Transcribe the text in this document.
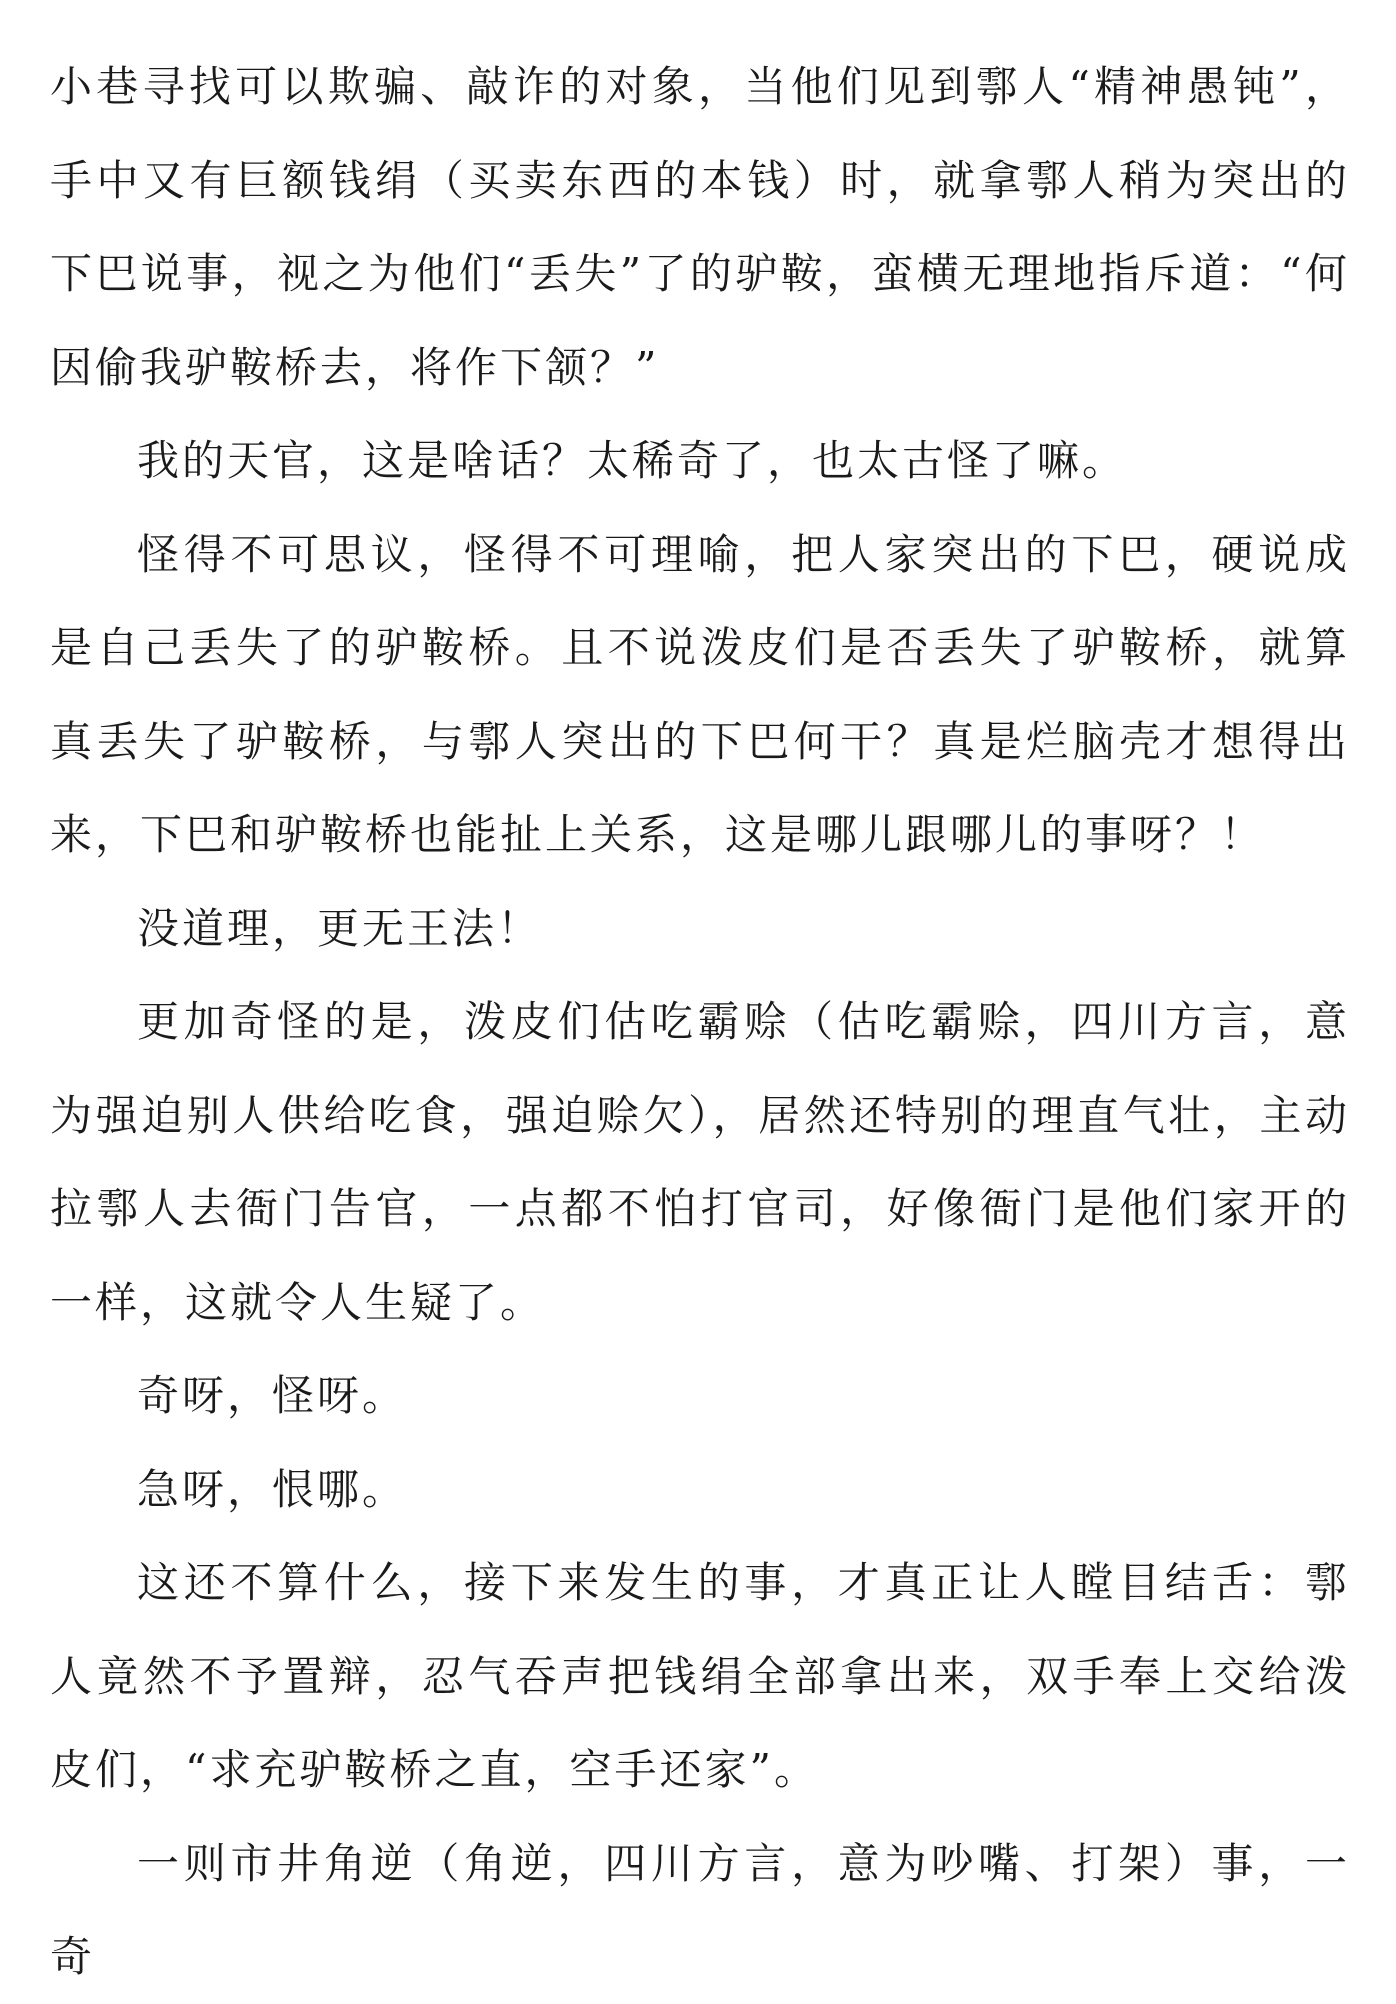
小巷寻找可以欺骗、敲诈的对象，当他们见到鄠人“精神愚钝”，手中又有巨额钱绢（买卖东西的本钱）时，就拿鄠人稍为突出的下巴说事，视之为他们“丢失”了的驴鞍，蛮横无理地指斥道：“何因偷我驴鞍桥去，将作下颔？”

我的天官，这是啥话？太稀奇了，也太古怪了嘛。

怪得不可思议，怪得不可理喻，把人家突出的下巴，硬说成是自己丢失了的驴鞍桥。且不说泼皮们是否丢失了驴鞍桥，就算真丢失了驴鞍桥，与鄠人突出的下巴何干？真是烂脑壳才想得出来，下巴和驴鞍桥也能扯上关系，这是哪儿跟哪儿的事呀？！

没道理，更无王法！

更加奇怪的是，泼皮们估吃霸赊（估吃霸赊，四川方言，意为强迫别人供给吃食，强迫赊欠），居然还特别的理直气壮，主动拉鄠人去衙门告官，一点都不怕打官司，好像衙门是他们家开的一样，这就令人生疑了。

奇呀，怪呀。

急呀，恨哪。

这还不算什么，接下来发生的事，才真正让人瞠目结舌：鄠人竟然不予置辩，忍气吞声把钱绢全部拿出来，双手奉上交给泼皮们，“求充驴鞍桥之直，空手还家”。

一则市井角逆（角逆，四川方言，意为吵嘴、打架）事，一奇
